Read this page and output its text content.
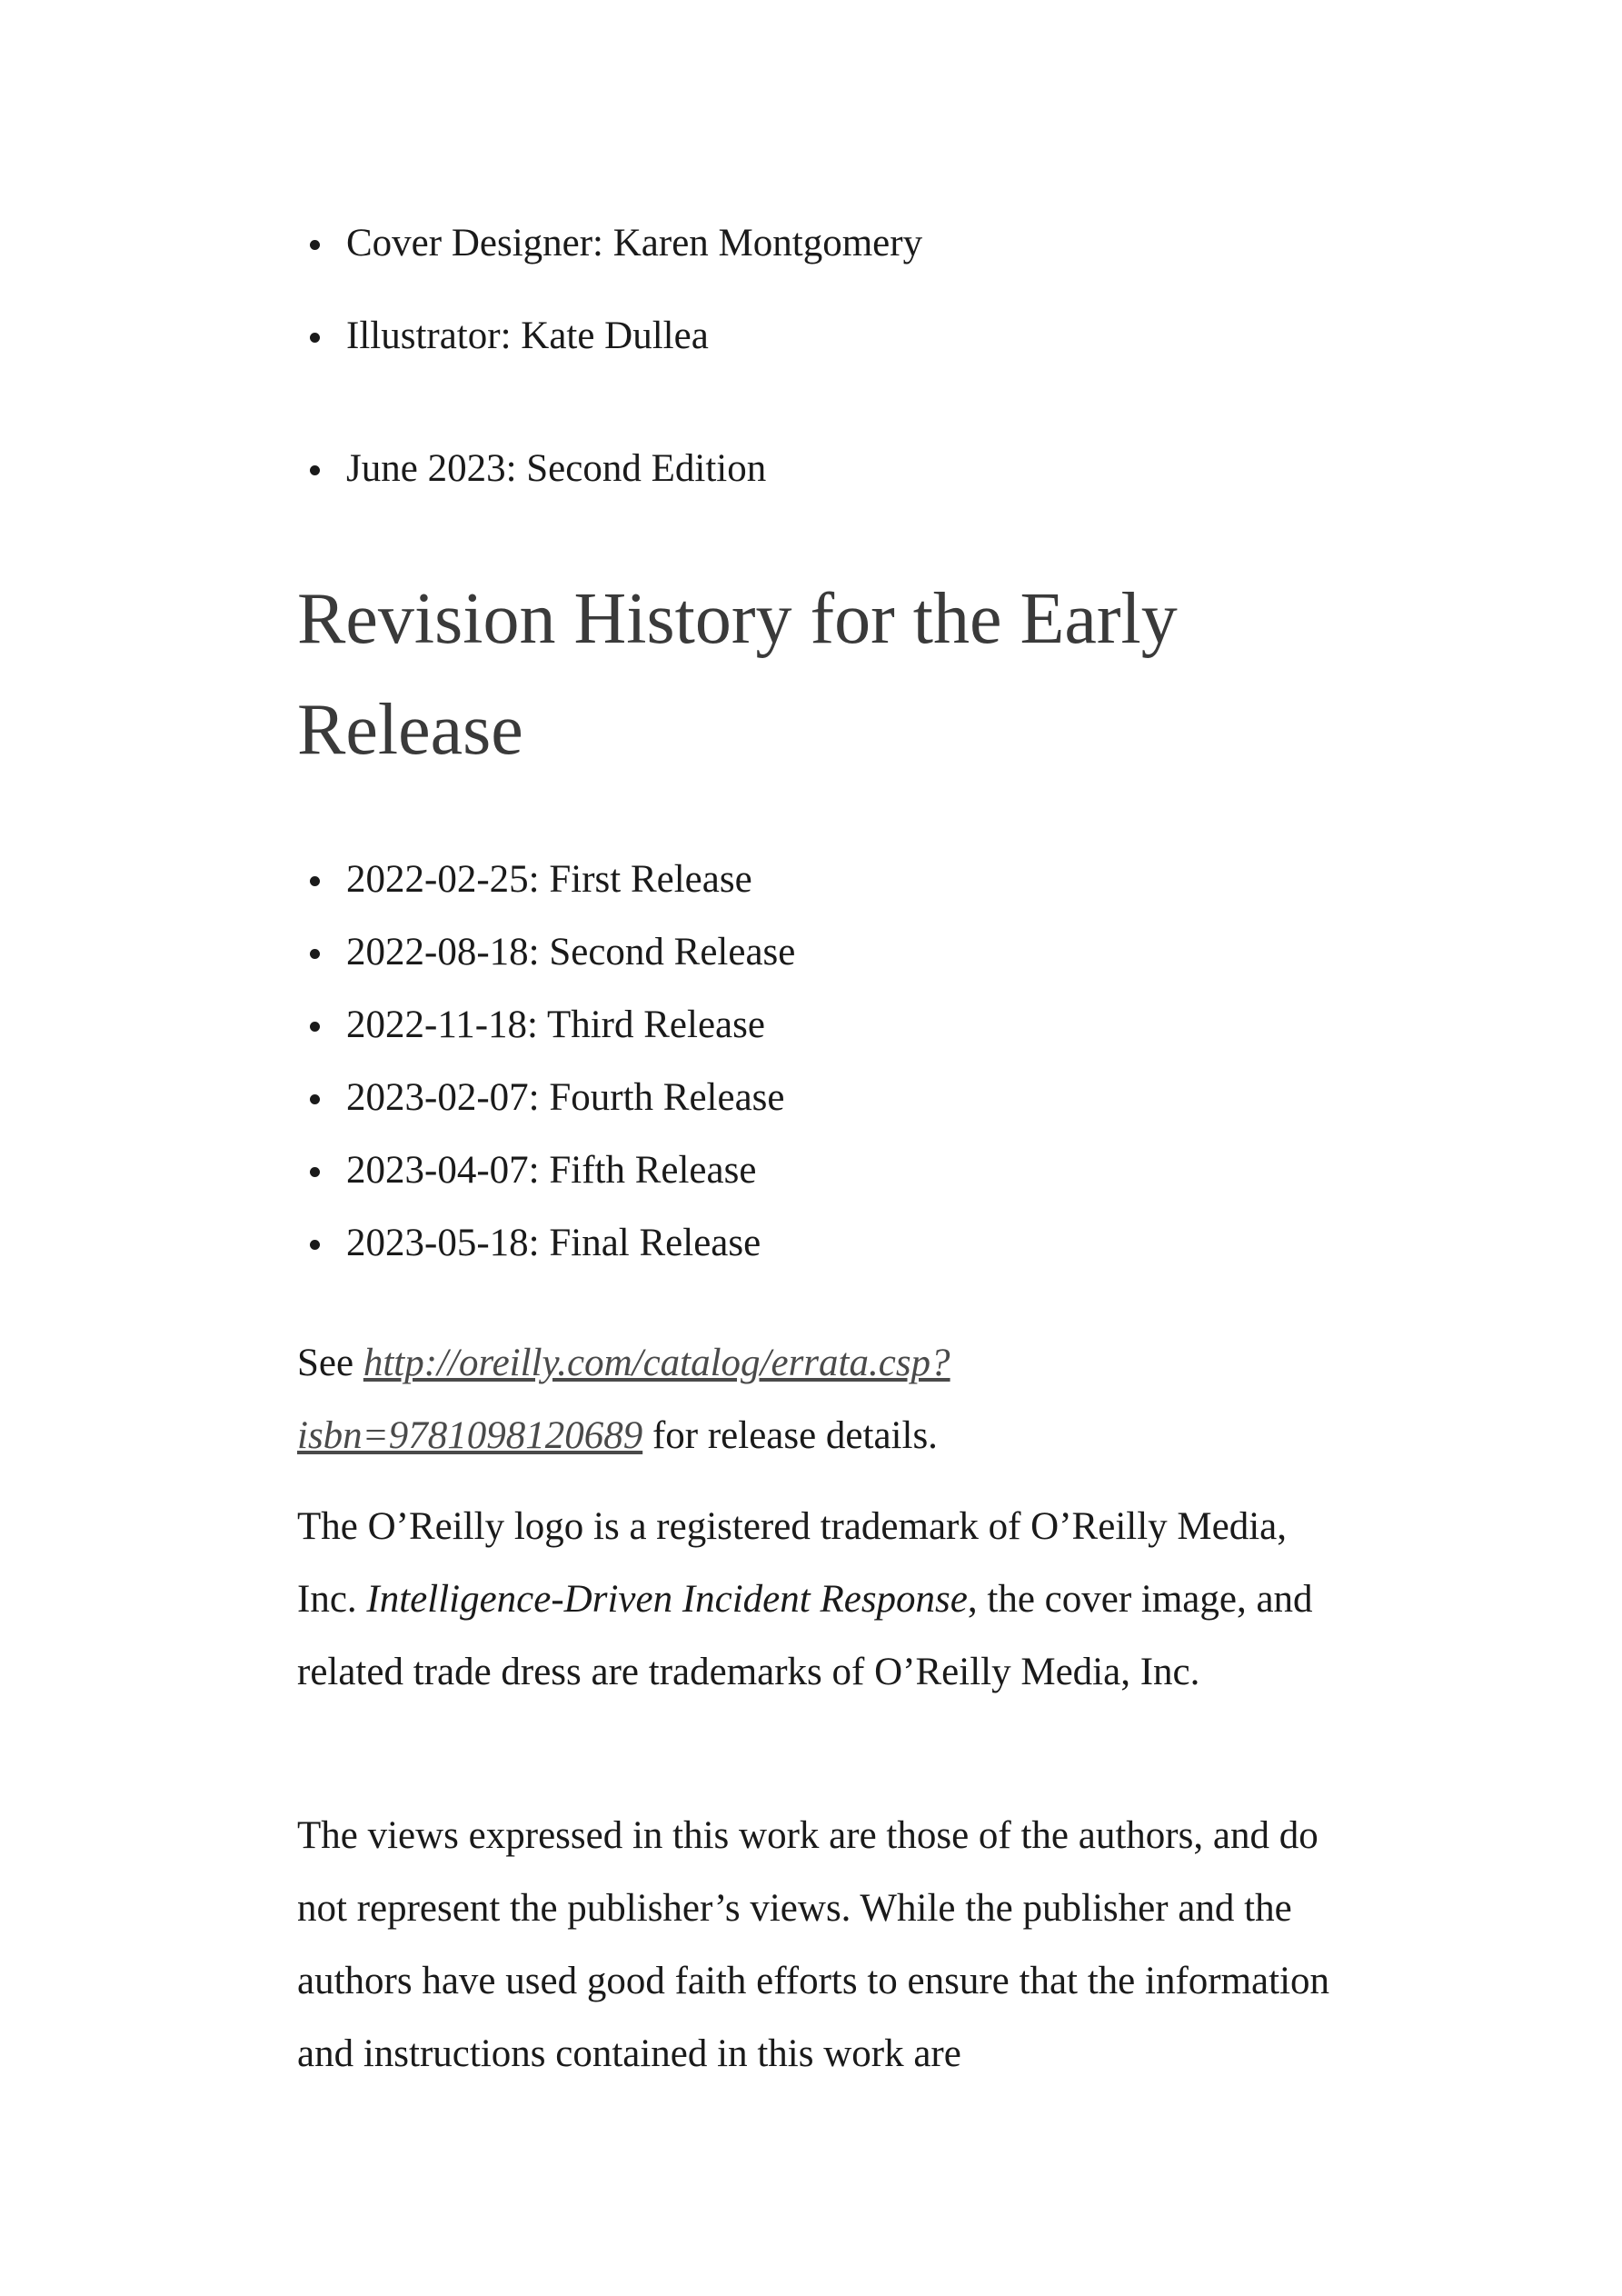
Cover Designer: Karen Montgomery
Illustrator: Kate Dullea
June 2023: Second Edition
Revision History for the Early Release
2022-02-25: First Release
2022-08-18: Second Release
2022-11-18: Third Release
2023-02-07: Fourth Release
2023-04-07: Fifth Release
2023-05-18: Final Release

See http://oreilly.com/catalog/errata.csp?
isbn=9781098120689 for release details.

The O’Reilly logo is a registered trademark of O’Reilly Media, Inc. Intelligence-Driven Incident Response, the cover image, and related trade dress are trademarks of O’Reilly Media, Inc.

The views expressed in this work are those of the authors, and do not represent the publisher’s views. While the publisher and the authors have used good faith efforts to ensure that the information and instructions contained in this work are
